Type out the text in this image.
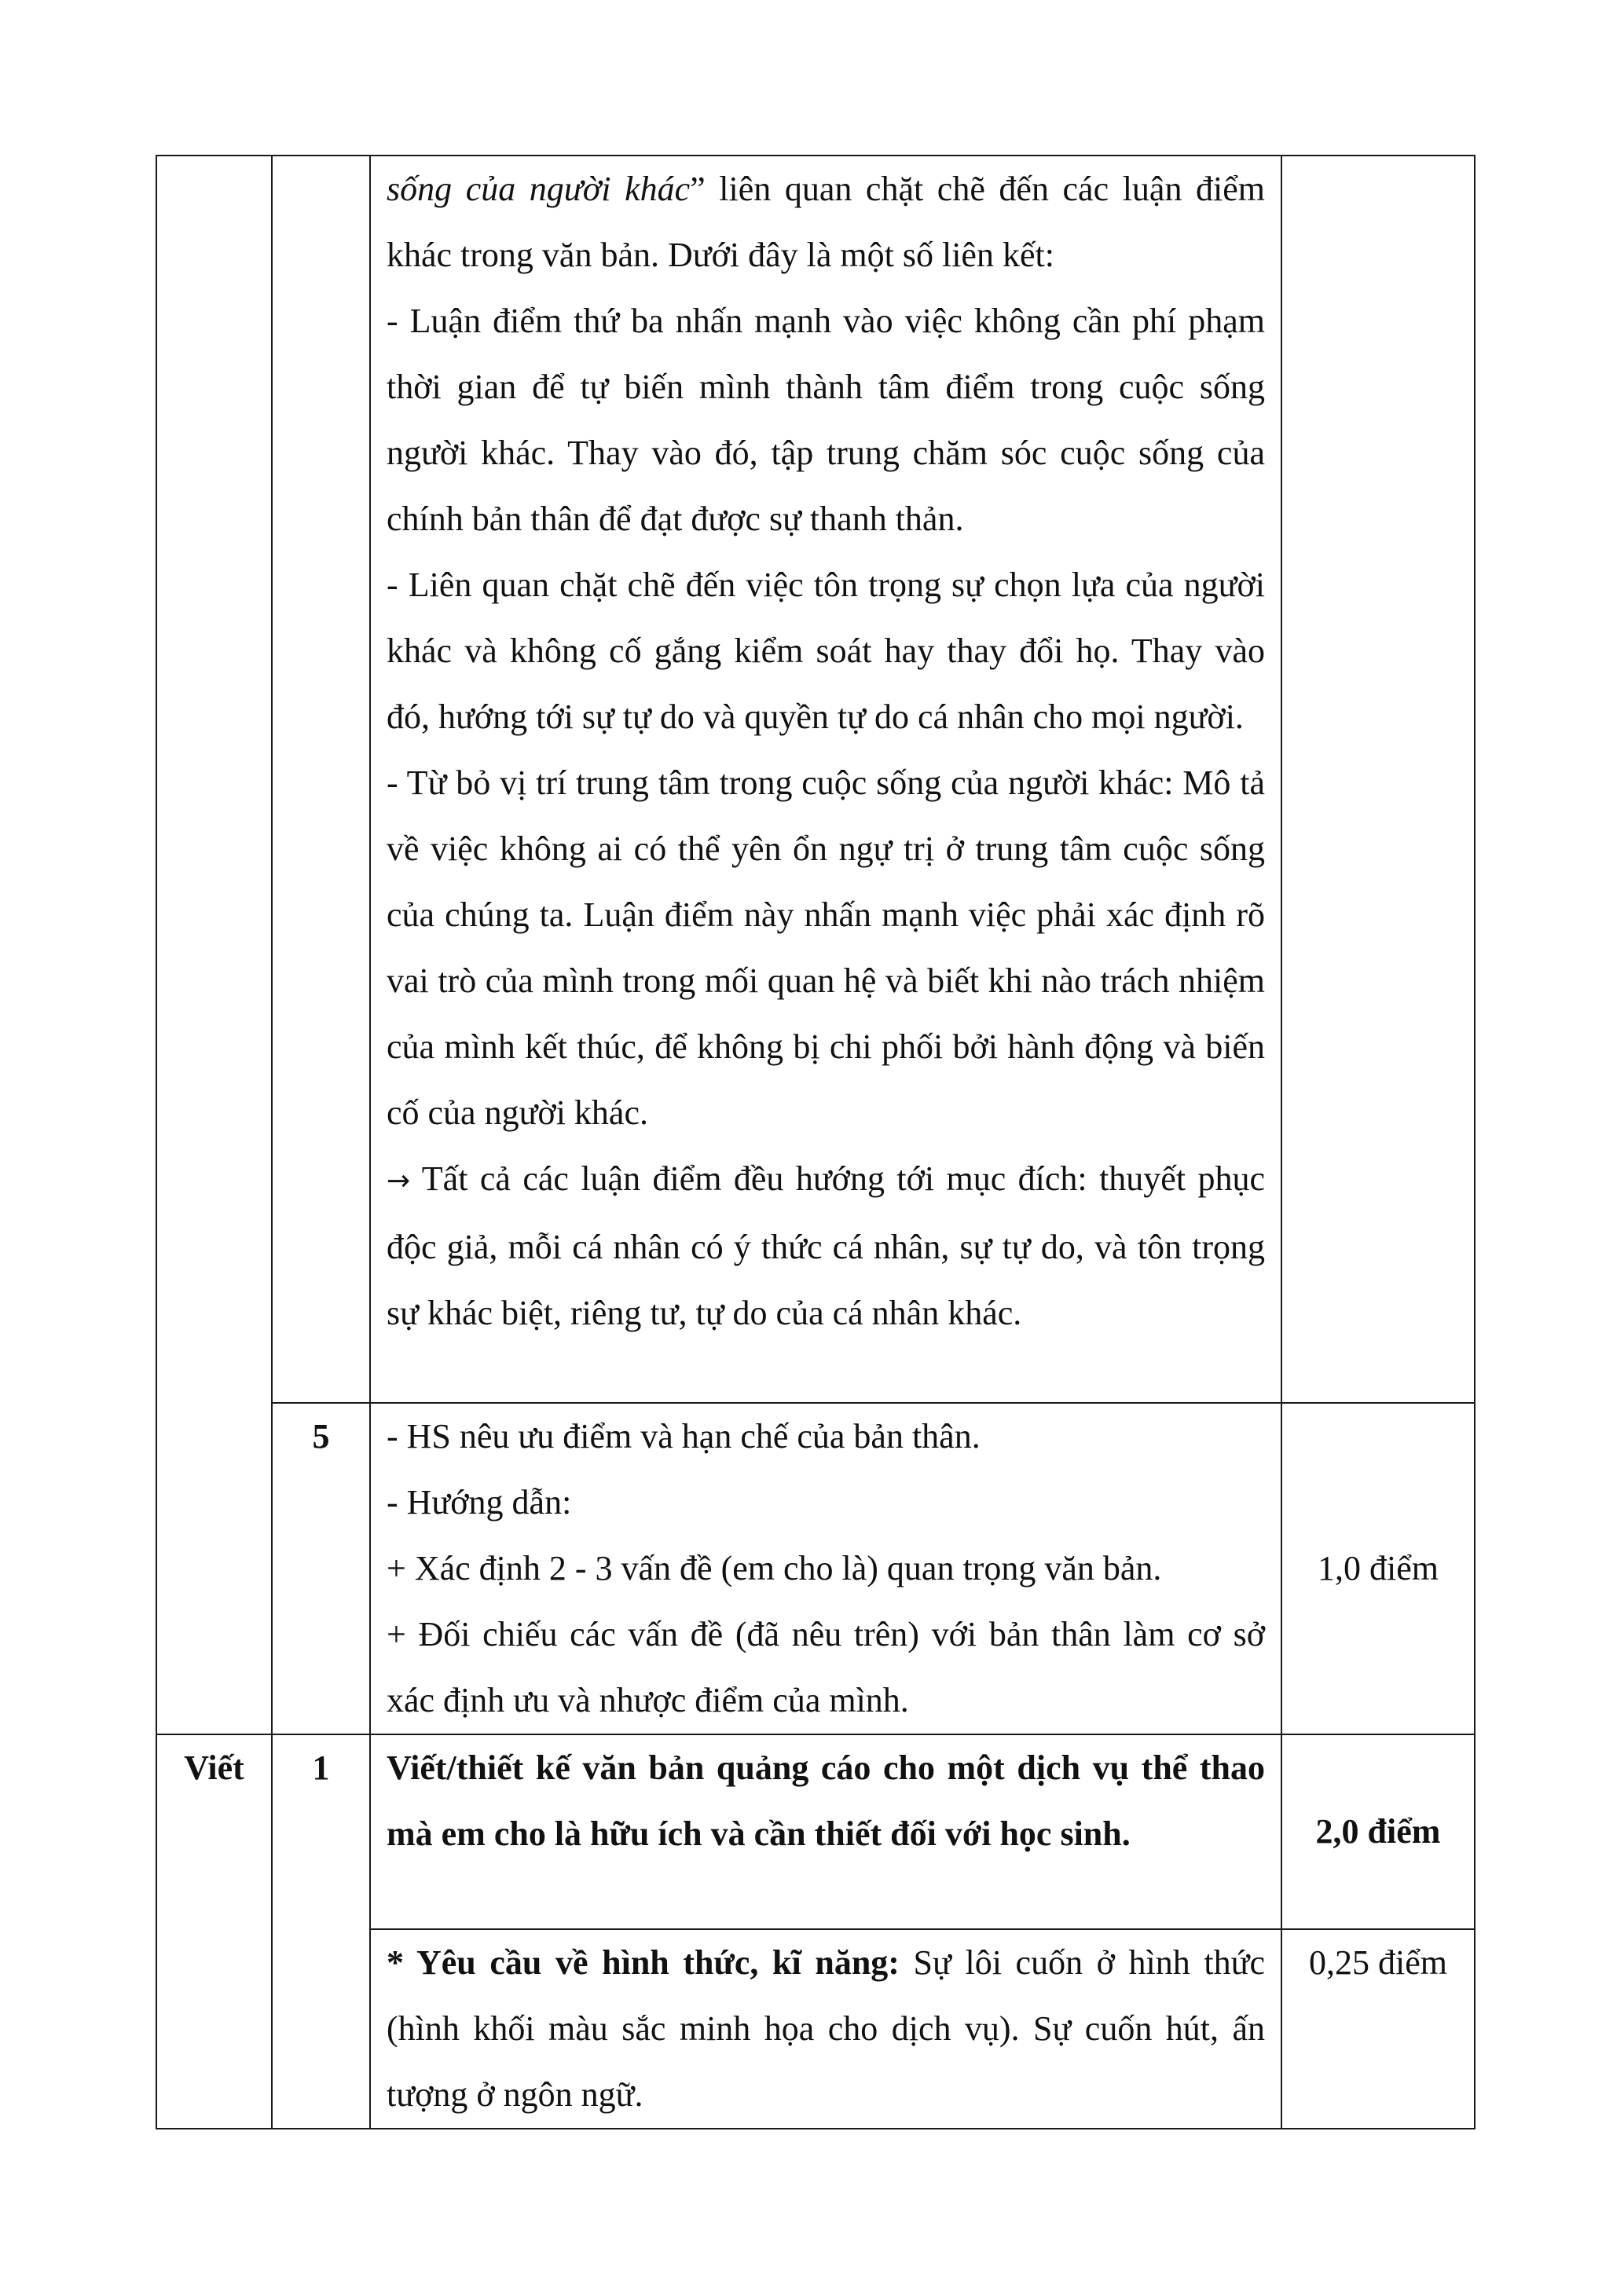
		sống của người khác” liên quan chặt chẽ đến các luận điểm khác trong văn bản. Dưới đây là một số liên kết:
- Luận điểm thứ ba nhấn mạnh vào việc không cần phí phạm thời gian để tự biến mình thành tâm điểm trong cuộc sống người khác. Thay vào đó, tập trung chăm sóc cuộc sống của chính bản thân để đạt được sự thanh thản.
- Liên quan chặt chẽ đến việc tôn trọng sự chọn lựa của người khác và không cố gắng kiểm soát hay thay đổi họ. Thay vào đó, hướng tới sự tự do và quyền tự do cá nhân cho mọi người.
- Từ bỏ vị trí trung tâm trong cuộc sống của người khác: Mô tả về việc không ai có thể yên ổn ngự trị ở trung tâm cuộc sống của chúng ta. Luận điểm này nhấn mạnh việc phải xác định rõ vai trò của mình trong mối quan hệ và biết khi nào trách nhiệm của mình kết thúc, để không bị chi phối bởi hành động và biến cố của người khác.
→ Tất cả các luận điểm đều hướng tới mục đích: thuyết phục độc giả, mỗi cá nhân có ý thức cá nhân, sự tự do, và tôn trọng sự khác biệt, riêng tư, tự do của cá nhân khác.	

	5	- HS nêu ưu điểm và hạn chế của bản thân.
- Hướng dẫn:
+ Xác định 2 - 3 vấn đề (em cho là) quan trọng văn bản.
+ Đối chiếu các vấn đề (đã nêu trên) với bản thân làm cơ sở xác định ưu và nhược điểm của mình.	1,0 điểm
Viết	1	Viết/thiết kế văn bản quảng cáo cho một dịch vụ thể thao mà em cho là hữu ích và cần thiết đối với học sinh.	2,0 điểm

		* Yêu cầu về hình thức, kĩ năng: Sự lôi cuốn ở hình thức (hình khối màu sắc minh họa cho dịch vụ). Sự cuốn hút, ấn tượng ở ngôn ngữ.	0,25 điểm
